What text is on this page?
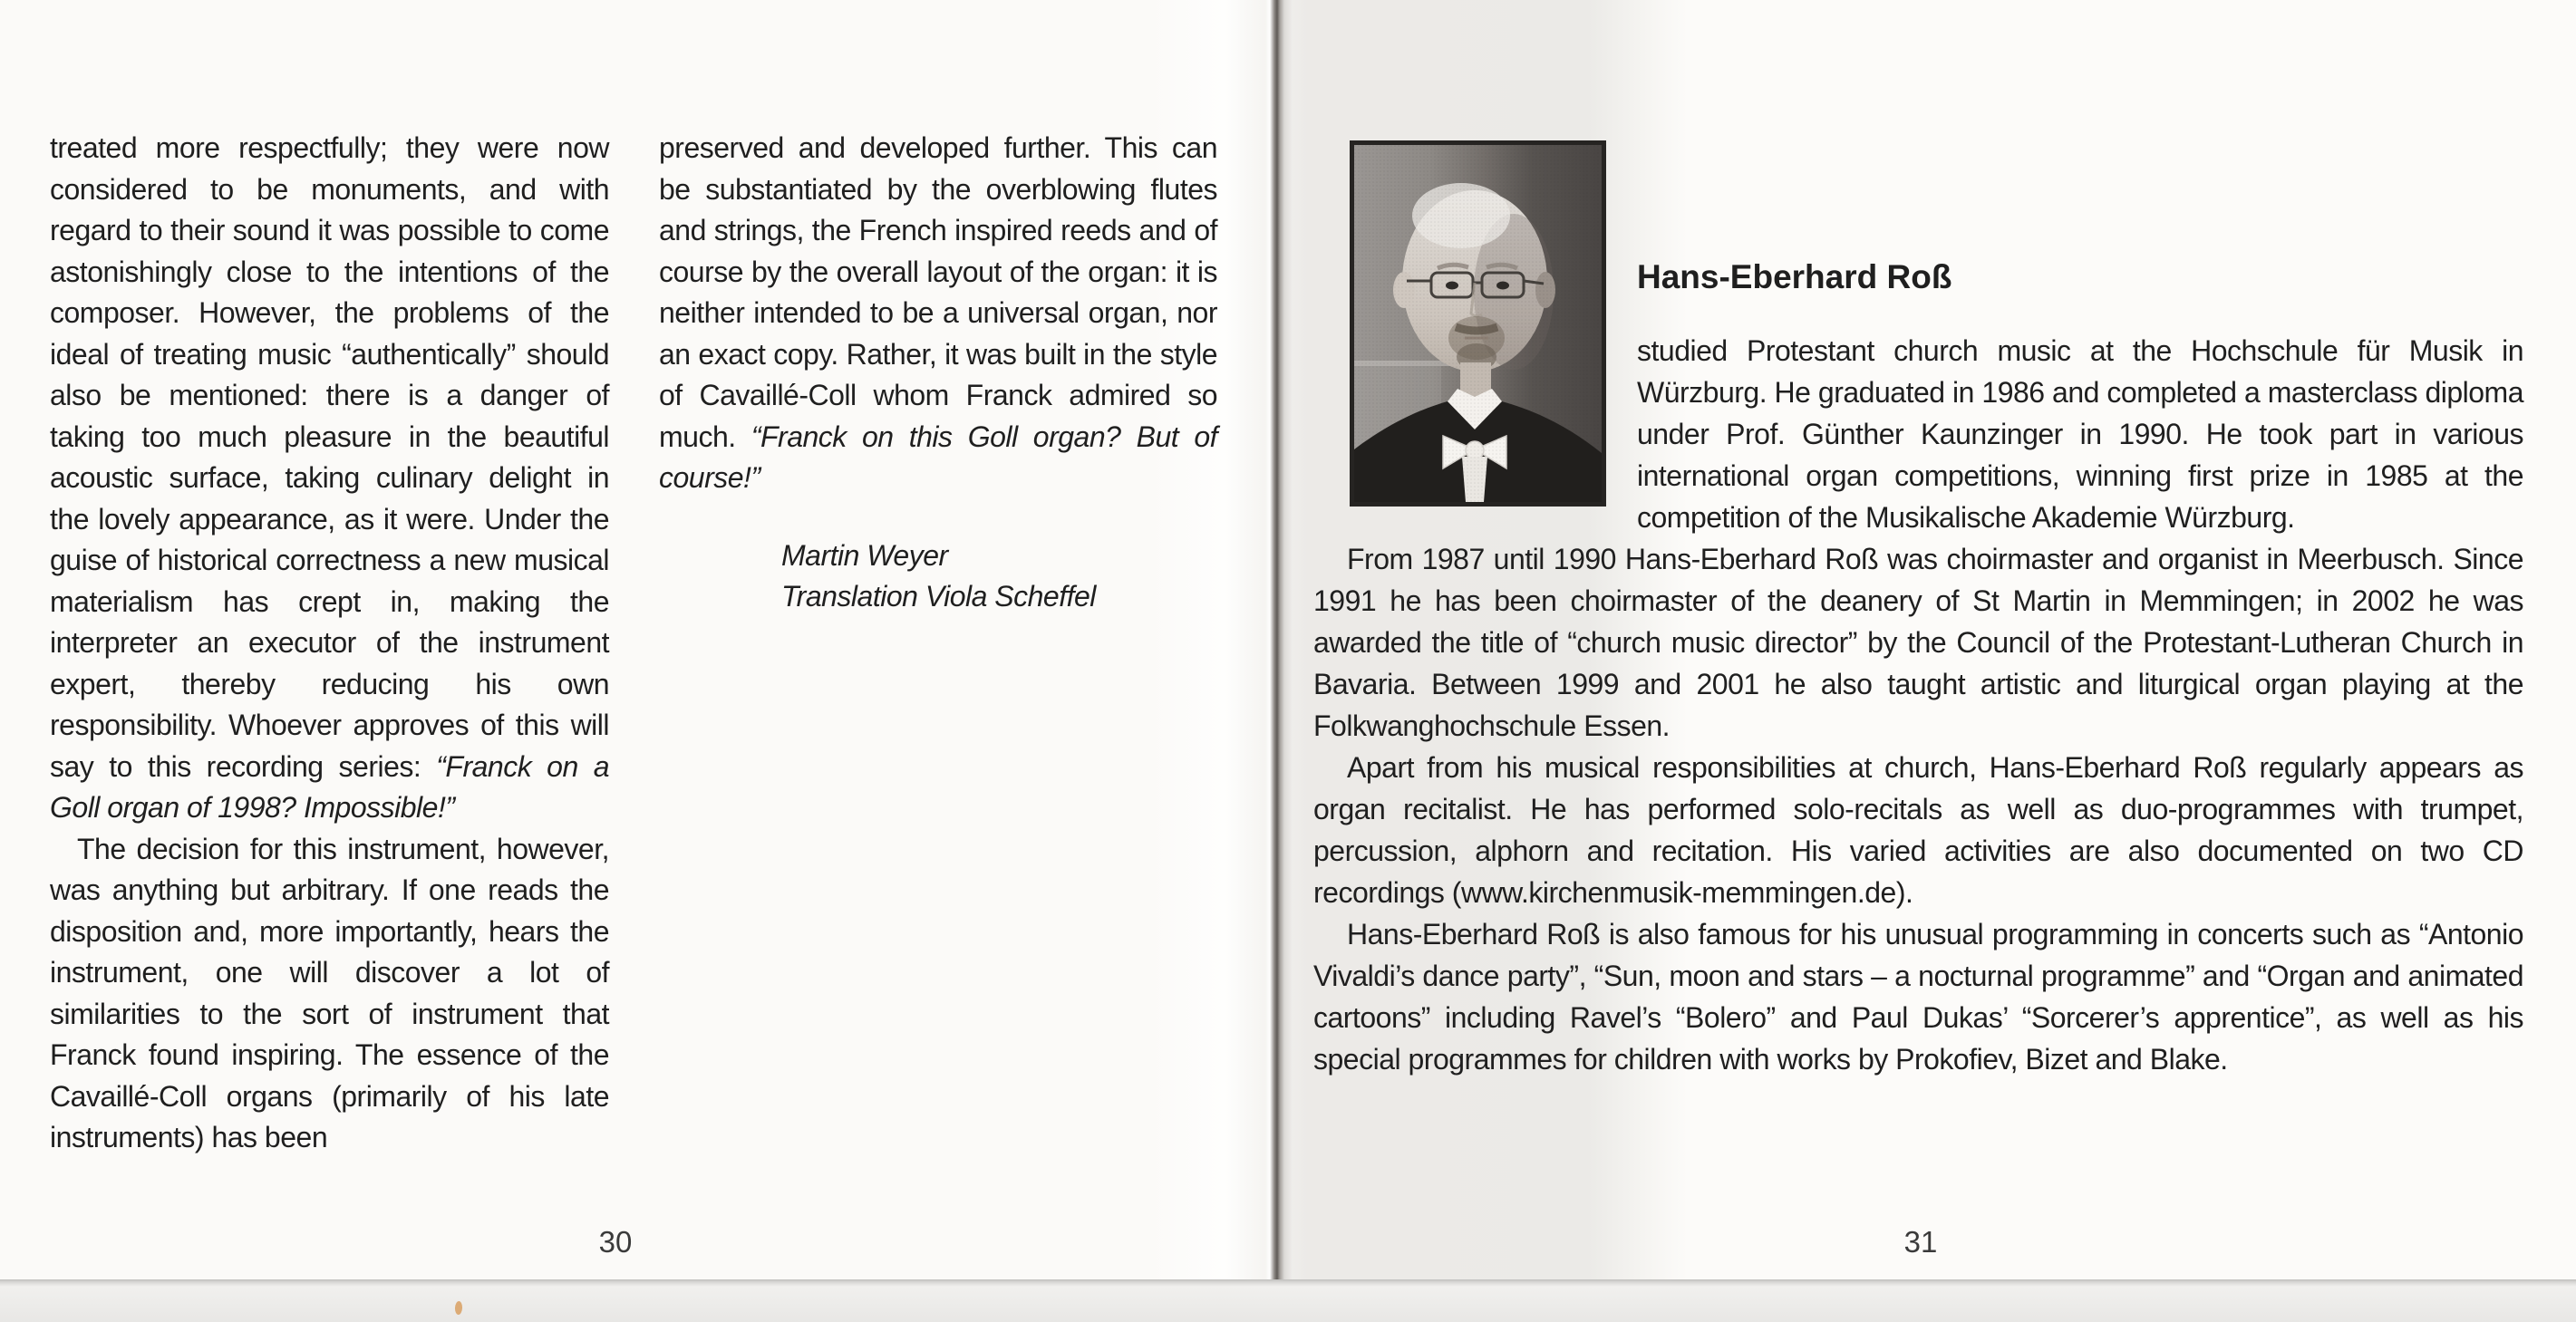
treated more respectfully; they were now considered to be monuments, and with regard to their sound it was possible to come astonishingly close to the intentions of the composer. However, the problems of the ideal of treating music “authentically” should also be mentioned: there is a danger of taking too much pleasure in the beautiful acoustic surface, taking culinary delight in the lovely appearance, as it were. Under the guise of historical correctness a new musical materialism has crept in, making the interpreter an executor of the instrument expert, thereby reducing his own responsibility. Whoever approves of this will say to this recording series: “Franck on a Goll organ of 1998? Impossible!”

The decision for this instrument, however, was anything but arbitrary. If one reads the disposition and, more importantly, hears the instrument, one will discover a lot of similarities to the sort of instrument that Franck found inspiring. The essence of the Cavaillé-Coll organs (primarily of his late instruments) has been

preserved and developed further. This can be substantiated by the overblowing flutes and strings, the French inspired reeds and of course by the overall layout of the organ: it is neither intended to be a universal organ, nor an exact copy. Rather, it was built in the style of Cavaillé-Coll whom Franck admired so much. “Franck on this Goll organ? But of course!”

Martin Weyer
Translation Viola Scheffel
Hans-Eberhard Roß

studied Protestant church music at the Hochschule für Musik in Würzburg. He graduated in 1986 and completed a masterclass diploma under Prof. Günther Kaunzinger in 1990. He took part in various international organ competitions, winning first prize in 1985 at the competition of the Musikalische Akademie Würzburg.

From 1987 until 1990 Hans-Eberhard Roß was choirmaster and organist in Meerbusch. Since 1991 he has been choirmaster of the deanery of St Martin in Memmingen; in 2002 he was awarded the title of “church music director” by the Council of the Protestant-Lutheran Church in Bavaria. Between 1999 and 2001 he also taught artistic and liturgical organ playing at the Folkwanghochschule Essen.

Apart from his musical responsibilities at church, Hans-Eberhard Roß regularly appears as organ recitalist. He has performed solo-recitals as well as duo-programmes with trumpet, percussion, alphorn and recitation. His varied activities are also documented on two CD recordings (www.kirchenmusik-memmingen.de).

Hans-Eberhard Roß is also famous for his unusual programming in concerts such as “Antonio Vivaldi’s dance party”, “Sun, moon and stars – a nocturnal programme” and “Organ and animated cartoons” including Ravel’s “Bolero” and Paul Dukas’ “Sorcerer’s apprentice”, as well as his special programmes for children with works by Prokofiev, Bizet and Blake.

30	31
